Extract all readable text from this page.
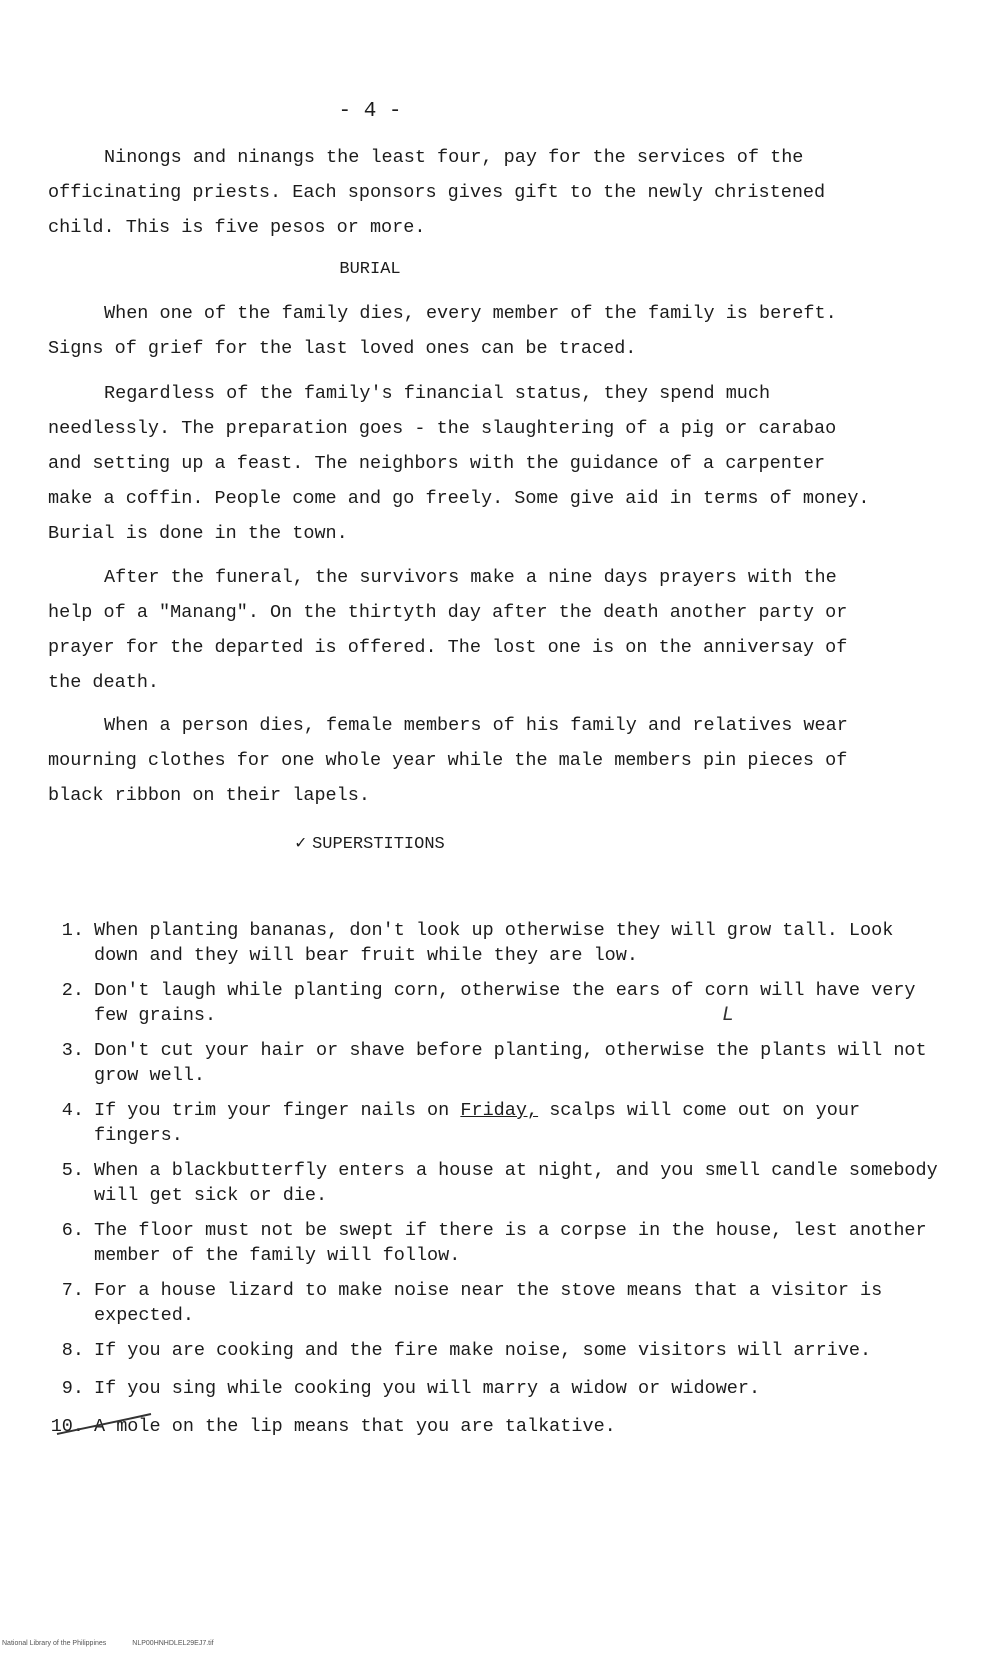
- 4 -

Ninongs and ninangs the least four, pay for the services of the officinating priests. Each sponsors gives gift to the newly christened child. This is five pesos or more.

BURIAL

When one of the family dies, every member of the family is bereft. Signs of grief for the last loved ones can be traced.

Regardless of the family's financial status, they spend much needlessly. The preparation goes - the slaughtering of a pig or carabao and setting up a feast. The neighbors with the guidance of a carpenter make a coffin. People come and go freely. Some give aid in terms of money. Burial is done in the town.

After the funeral, the survivors make a nine days prayers with the help of a "Manang". On the thirtyth day after the death another party or prayer for the departed is offered. The lost one is on the anniversay of the death.

When a person dies, female members of his family and relatives wear mourning clothes for one whole year while the male members pin pieces of black ribbon on their lapels.

✓ SUPERSTITIONS

1. When planting bananas, don't look up otherwise they will grow tall. Look down and they will bear fruit while they are low.
2. Don't laugh while planting corn, otherwise the ears of corn will have very few grains.
3. Don't cut your hair or shave before planting, otherwise the plants will not grow well.
4. If you trim your finger nails on Friday, scalps will come out on your fingers.
5. When a blackbutterfly enters a house at night, and you smell candle somebody will get sick or die.
6. The floor must not be swept if there is a corpse in the house, lest another member of the family will follow.
7. For a house lizard to make noise near the stove means that a visitor is expected.
8. If you are cooking and the fire make noise, some visitors will arrive.
9. If you sing while cooking you will marry a widow or widower.
10. A mole on the lip means that you are talkative.
L
National Library of the Philippines	NLP00HNHDLEL29EJ7.tif
